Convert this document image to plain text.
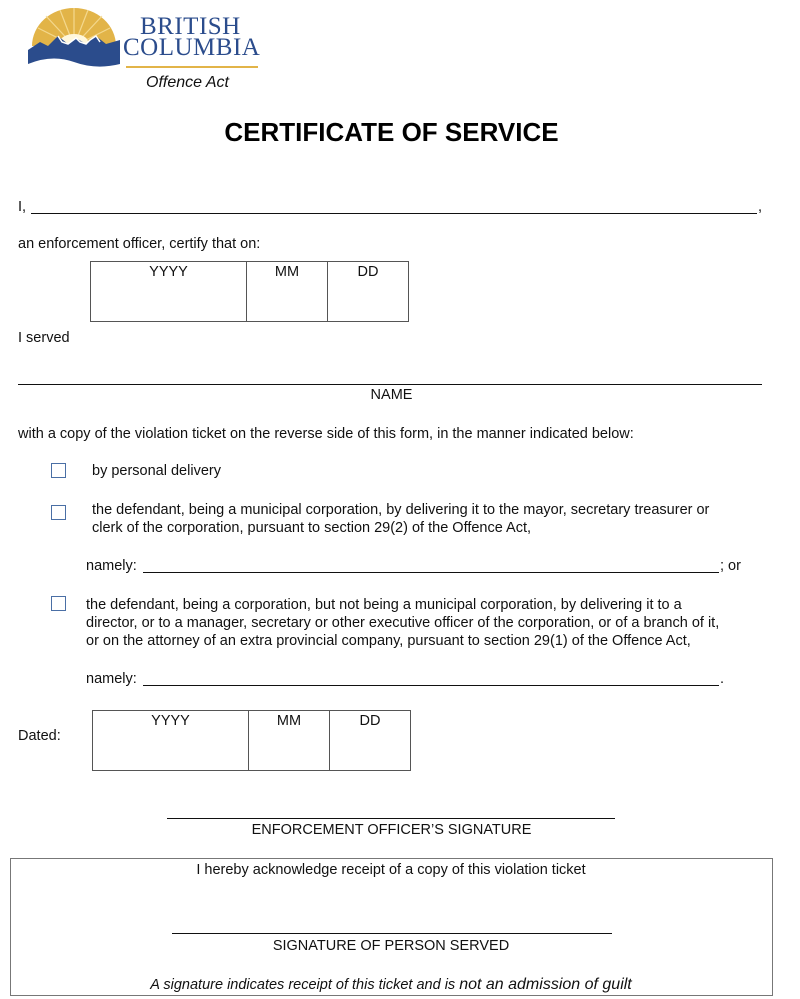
BRITISH
COLUMBIA
Offence Act
CERTIFICATE OF SERVICE
I,	,
an enforcement officer, certify that on:
YYYY	MM	DD
I served
NAME
with a copy of the violation ticket on the reverse side of this form, in the manner indicated below:
by personal delivery
the defendant, being a municipal corporation, by delivering it to the mayor, secretary treasurer or
clerk of the corporation, pursuant to section 29(2) of the Offence Act,
namely:	; or
the defendant, being a corporation, but not being a municipal corporation, by delivering it to a
director, or to a manager, secretary or other executive officer of the corporation, or of a branch of it,
or on the attorney of an extra provincial company, pursuant to section 29(1) of the Offence Act,
namely:	.
Dated:
YYYY	MM	DD
ENFORCEMENT OFFICER’S SIGNATURE
I hereby acknowledge receipt of a copy of this violation ticket
SIGNATURE OF PERSON SERVED
A signature indicates receipt of this ticket and is not an admission of guilt
